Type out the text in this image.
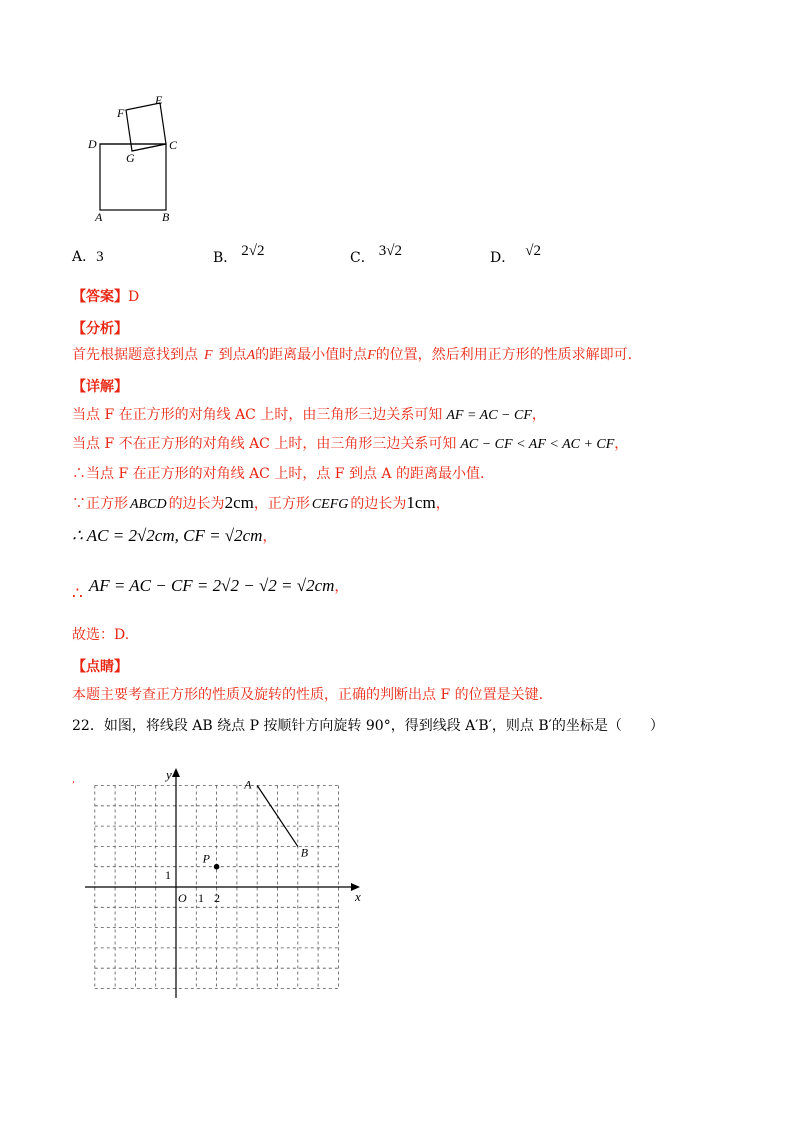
D	C
A	B
E
F
G
A．3	B． 2√2	C． 3√2	D． √2
【答案】D
【分析】
首先根据题意找到点 F 到点A的距离最小值时点F的位置，然后利用正方形的性质求解即可.
【详解】
当点 F 在正方形的对角线 AC 上时，由三角形三边关系可知 AF = AC − CF，
当点 F 不在正方形的对角线 AC 上时，由三角形三边关系可知 AC − CF < AF < AC + CF，
∴当点 F 在正方形的对角线 AC 上时，点 F 到点 A 的距离最小值.
∵正方形 ABCD 的边长为2cm，正方形 CEFG 的边长为1cm，
∴ AC = 2√2cm, CF = √2cm，
∴ AF = AC − CF = 2√2 − √2 = √2cm，
故选：D.
【点睛】
本题主要考查正方形的性质及旋转的性质，正确的判断出点 F 的位置是关键.
22．如图，将线段 AB 绕点 P 按顺针方向旋转 90°，得到线段 A′B′，则点 B′的坐标是（　　）
x
y
O 1 2
1
A
B
P
,
